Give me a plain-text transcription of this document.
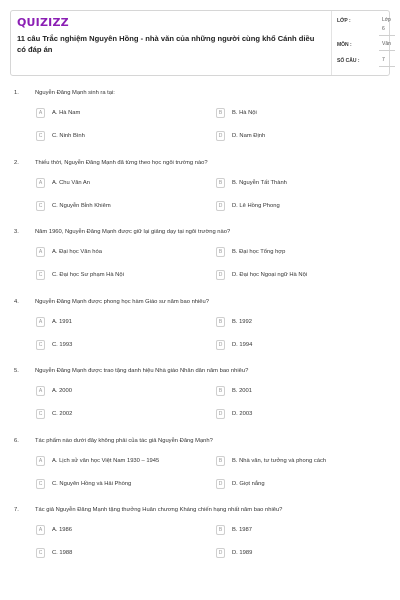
QUIZIZZ
11 câu Trắc nghiệm Nguyên Hồng - nhà văn của những người cùng khổ Cánh diều có đáp án
LỚP :	Lớp 6
MÔN :	Văn
SỐ CÂU :	7
1.	Nguyễn Đăng Mạnh sinh ra tại:
A	A. Hà Nam	B	B. Hà Nội
C	C. Ninh Bình	D	D. Nam Định
2.	Thiếu thời, Nguyễn Đăng Mạnh đã từng theo học ngôi trường nào?
A	A. Chu Văn An	B	B. Nguyễn Tất Thành
C	C. Nguyễn Bỉnh Khiêm	D	D. Lê Hồng Phong
3.	Năm 1960, Nguyễn Đăng Mạnh được giữ lại giảng dạy tại ngôi trường nào?
A	A. Đại học Văn hóa	B	B. Đại học Tổng hợp
C	C. Đại học Sư phạm Hà Nội	D	D. Đại học Ngoại ngữ Hà Nội
4.	Nguyễn Đăng Mạnh được phong học hàm Giáo sư năm bao nhiêu?
A	A. 1991	B	B. 1992
C	C. 1993	D	D. 1994
5.	Nguyễn Đăng Mạnh được trao tặng danh hiệu Nhà giáo Nhân dân năm bao nhiêu?
A	A. 2000	B	B. 2001
C	C. 2002	D	D. 2003
6.	Tác phẩm nào dưới đây không phải của tác giả Nguyễn Đăng Mạnh?
A	A. Lịch sử văn học Việt Nam 1930 – 1945	B	B. Nhà văn, tư tưởng và phong cách
C	C. Nguyên Hồng và Hải Phòng	D	D. Giọt nắng
7.	Tác giả Nguyễn Đăng Mạnh tặng thưởng Huân chương Kháng chiến hạng nhất năm bao nhiêu?
A	A. 1986	B	B. 1987
C	C. 1988	D	D. 1989
